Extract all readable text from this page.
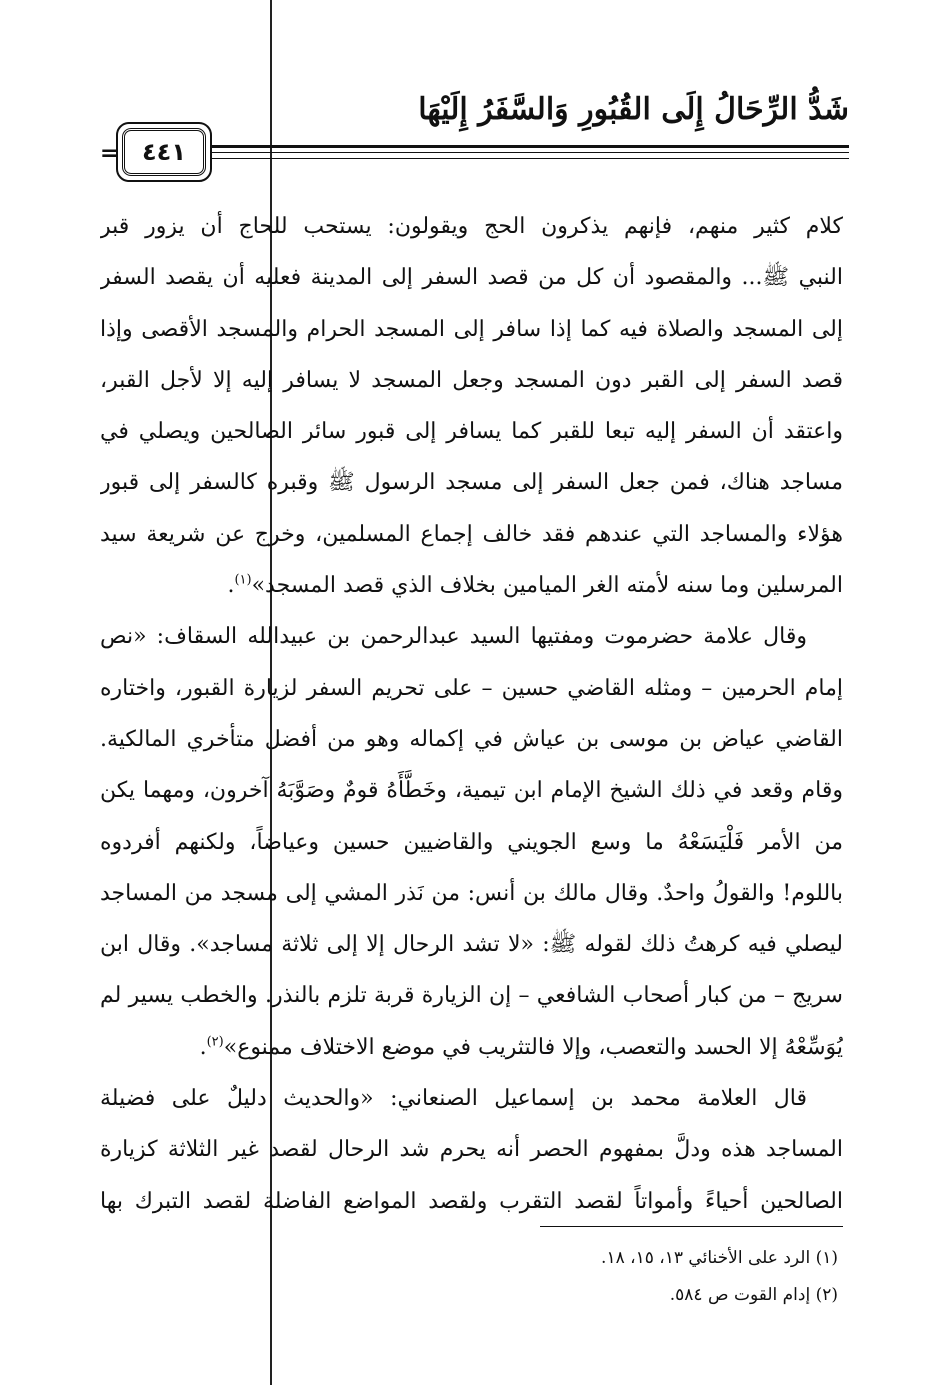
شَدُّ الرِّحَالُ إِلَى القُبُورِ وَالسَّفَرُ إِلَيْهَا
٤٤١
=
كلام كثير منهم، فإنهم يذكرون الحج ويقولون: يستحب للحاج أن يزور قبر
النبي ﷺ... والمقصود أن كل من قصد السفر إلى المدينة فعليه أن يقصد السفر
إلى المسجد والصلاة فيه كما إذا سافر إلى المسجد الحرام والمسجد الأقصى وإذا
قصد السفر إلى القبر دون المسجد وجعل المسجد لا يسافر إليه إلا لأجل القبر،
واعتقد أن السفر إليه تبعا للقبر كما يسافر إلى قبور سائر الصالحين ويصلي في
مساجد هناك، فمن جعل السفر إلى مسجد الرسول ﷺ وقبره كالسفر إلى قبور
هؤلاء والمساجد التي عندهم فقد خالف إجماع المسلمين، وخرج عن شريعة سيد
المرسلين وما سنه لأمته الغر الميامين بخلاف الذي قصد المسجد»$^{(١)}$.
وقال علامة حضرموت ومفتيها السيد عبدالرحمن بن عبيدالله السقاف: «نص
إمام الحرمين – ومثله القاضي حسين – على تحريم السفر لزيارة القبور، واختاره
القاضي عياض بن موسى بن عياش في إكماله وهو من أفضل متأخري المالكية.
وقام وقعد في ذلك الشيخ الإمام ابن تيمية، وخَطَّأَهُ قومٌ وصَوَّبَهُ آخرون، ومهما يكن
من الأمر فَلْيَسَعْهُ ما وسع الجويني والقاضيين حسين وعياضاً، ولكنهم أفردوه
باللوم! والقولُ واحدٌ. وقال مالك بن أنس: من نَذر المشي إلى مسجد من المساجد
ليصلي فيه كرهتُ ذلك لقوله ﷺ: «لا تشد الرحال إلا إلى ثلاثة مساجد». وقال ابن
سريج – من كبار أصحاب الشافعي – إن الزيارة قربة تلزم بالنذر. والخطب يسير لم
يُوَسِّعْهُ إلا الحسد والتعصب، وإلا فالتثريب في موضع الاختلاف ممنوع»$^{(٢)}$.
قال العلامة محمد بن إسماعيل الصنعاني: «والحديث دليلٌ على فضيلة
المساجد هذه ودلَّ بمفهوم الحصر أنه يحرم شد الرحال لقصد غير الثلاثة كزيارة
الصالحين أحياءً وأمواتاً لقصد التقرب ولقصد المواضع الفاضلة لقصد التبرك بها
(١) الرد على الأخنائي ١٣، ١٥، ١٨.
(٢) إدام القوت ص ٥٨٤.
